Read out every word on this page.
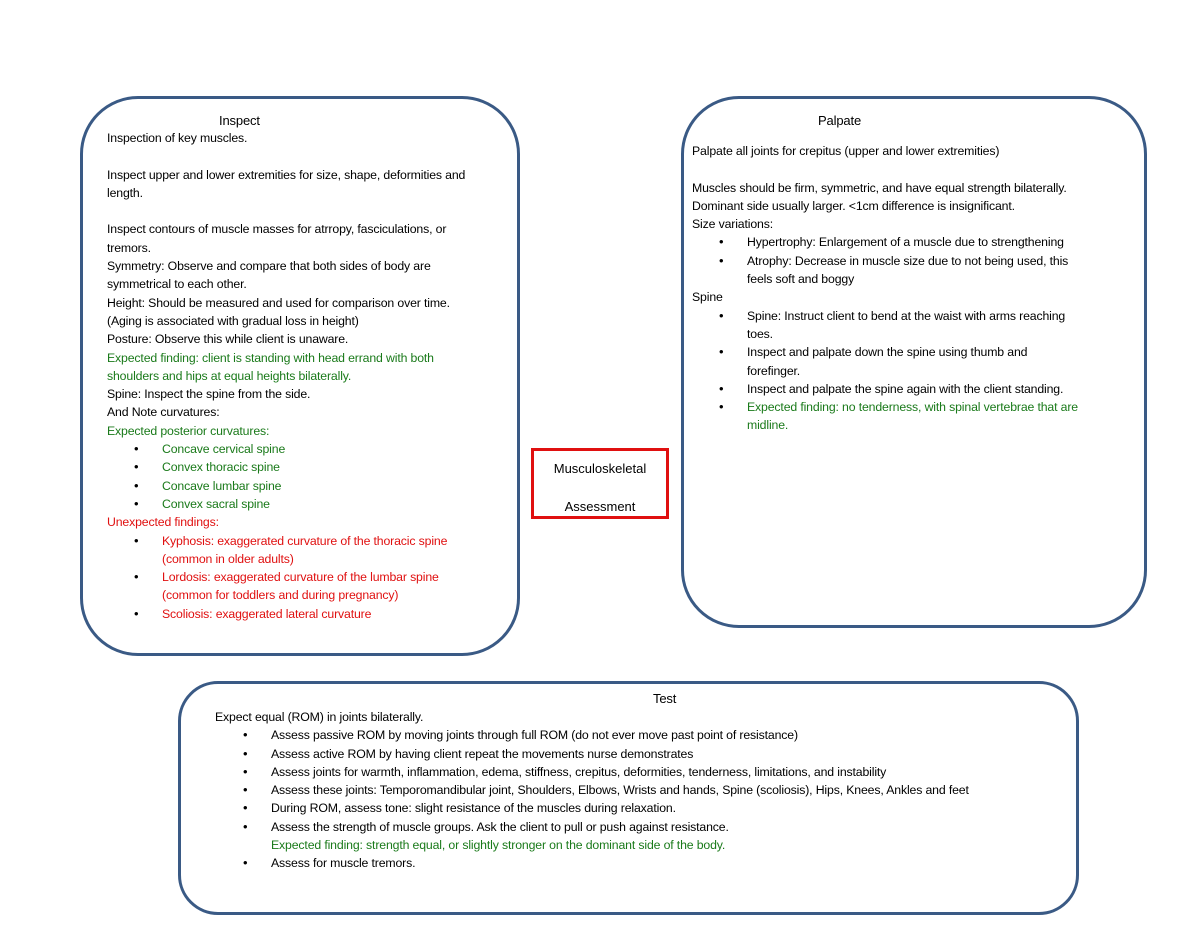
Musculoskeletal
Assessment

Inspect

Inspection of key muscles.

Inspect upper and lower extremities for size, shape, deformities and

length.

Inspect contours of muscle masses for atrropy, fasciculations, or

tremors.

Symmetry: Observe and compare that both sides of body are

symmetrical to each other.

Height: Should be measured and used for comparison over time.

(Aging is associated with gradual loss in height)

Posture: Observe this while client is unaware.

Expected finding: client is standing with head errand with both

shoulders and hips at equal heights bilaterally.

Spine: Inspect the spine from the side.

And Note curvatures:

Expected posterior curvatures:

• Concave cervical spine
• Convex thoracic spine
• Concave lumbar spine
• Convex sacral spine

Unexpected findings:

• Kyphosis: exaggerated curvature of the thoracic spine
(common in older adults)
• Lordosis: exaggerated curvature of the lumbar spine
(common for toddlers and during pregnancy)
• Scoliosis: exaggerated lateral curvature

Palpate

Palpate all joints for crepitus (upper and lower extremities)

Muscles should be firm, symmetric, and have equal strength bilaterally.

Dominant side usually larger. <1cm difference is insignificant.

Size variations:

• Hypertrophy: Enlargement of a muscle due to strengthening
• Atrophy: Decrease in muscle size due to not being used, this
feels soft and boggy

Spine

• Spine: Instruct client to bend at the waist with arms reaching
toes.
• Inspect and palpate down the spine using thumb and
forefinger.
• Inspect and palpate the spine again with the client standing.
• Expected finding: no tenderness, with spinal vertebrae that are
midline.

Test

Expect equal (ROM) in joints bilaterally.

• Assess passive ROM by moving joints through full ROM (do not ever move past point of resistance)
• Assess active ROM by having client repeat the movements nurse demonstrates
• Assess joints for warmth, inflammation, edema, stiffness, crepitus, deformities, tenderness, limitations, and instability
• Assess these joints: Temporomandibular joint, Shoulders, Elbows, Wrists and hands, Spine (scoliosis), Hips, Knees, Ankles and feet
• During ROM, assess tone: slight resistance of the muscles during relaxation.
• Assess the strength of muscle groups. Ask the client to pull or push against resistance.
Expected finding: strength equal, or slightly stronger on the dominant side of the body.
• Assess for muscle tremors.
